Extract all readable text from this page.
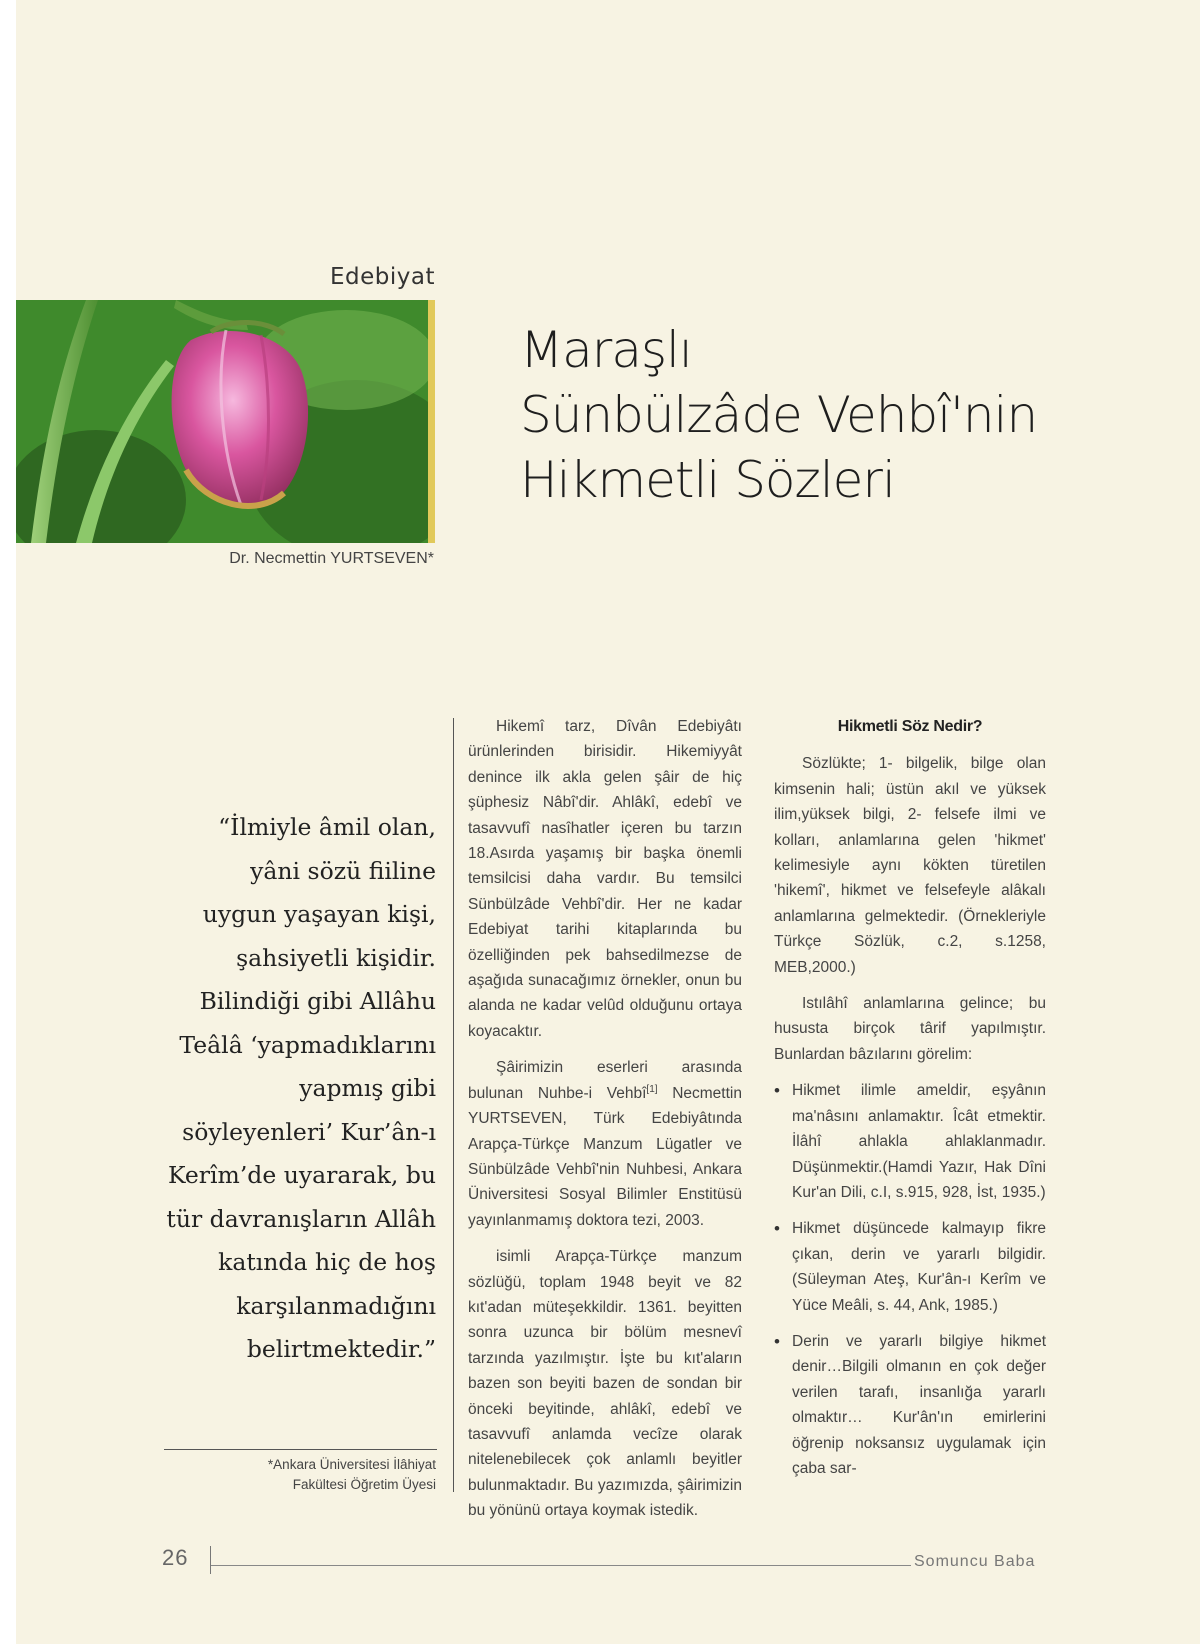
Edebiyat
Maraşlı
Sünbülzâde Vehbî'nin
Hikmetli Sözleri
Dr. Necmettin YURTSEVEN*
“İlmiyle âmil olan,
yâni sözü fiiline
uygun yaşayan kişi,
şahsiyetli kişidir.
Bilindiği gibi Allâhu
Teâlâ ‘yapmadıklarını
yapmış gibi
söyleyenleri’ Kur’ân-ı
Kerîm’de uyararak, bu
tür davranışların Allâh
katında hiç de hoş
karşılanmadığını
belirtmektedir.”
*Ankara Üniversitesi İlâhiyat
Fakültesi Öğretim Üyesi

Hikemî tarz, Dîvân Edebiyâtı ürünlerinden birisidir. Hikemiyyât denince ilk akla gelen şâir de hiç şüphesiz Nâbî'dir. Ahlâkî, edebî ve tasavvufî nasîhatler içeren bu tarzın 18.Asırda yaşamış bir başka önemli temsilcisi daha vardır. Bu temsilci Sünbülzâde Vehbî'dir. Her ne kadar Edebiyat tarihi kitaplarında bu özelliğinden pek bahsedilmezse de aşağıda sunacağımız örnekler, onun bu alanda ne kadar velûd olduğunu ortaya koyacaktır.

Şâirimizin eserleri arasında bulunan Nuhbe-i Vehbî[1] Necmettin YURTSEVEN, Türk Edebiyâtında Arapça-Türkçe Manzum Lügatler ve Sünbülzâde Vehbî'nin Nuhbesi, Ankara Üniversitesi Sosyal Bilimler Enstitüsü yayınlanmamış doktora tezi, 2003.

isimli Arapça-Türkçe manzum sözlüğü, toplam 1948 beyit ve 82 kıt'adan müteşekkildir. 1361. beyitten sonra uzunca bir bölüm mesnevî tarzında yazılmıştır. İşte bu kıt'aların bazen son beyiti bazen de sondan bir önceki beyitinde, ahlâkî, edebî ve tasavvufî anlamda vecîze olarak nitelenebilecek çok anlamlı beyitler bulunmaktadır. Bu yazımızda, şâirimizin bu yönünü ortaya koymak istedik.

Hikmetli Söz Nedir?

Sözlükte; 1- bilgelik, bilge olan kimsenin hali; üstün akıl ve yüksek ilim,yüksek bilgi, 2- felsefe ilmi ve kolları, anlamlarına gelen 'hikmet' kelimesiyle aynı kökten türetilen 'hikemî', hikmet ve felsefeyle alâkalı anlamlarına gelmektedir. (Örnekleriyle Türkçe Sözlük, c.2, s.1258, MEB,2000.)

Istılâhî anlamlarına gelince; bu hususta birçok târif yapılmıştır. Bunlardan bâzılarını görelim:

• Hikmet ilimle ameldir, eşyânın ma'nâsını anlamaktır. Îcât etmektir. İlâhî ahlakla ahlaklanmadır. Düşünmektir.(Hamdi Yazır, Hak Dîni Kur'an Dili, c.I, s.915, 928, İst, 1935.)
• Hikmet düşüncede kalmayıp fikre çıkan, derin ve yararlı bilgidir.(Süleyman Ateş, Kur'ân-ı Kerîm ve Yüce Meâli, s. 44, Ank, 1985.)
• Derin ve yararlı bilgiye hikmet denir…Bilgili olmanın en çok değer verilen tarafı, insanlığa yararlı olmaktır… Kur'ân'ın emirlerini öğrenip noksansız uygulamak için çaba sar-
26	Somuncu Baba
